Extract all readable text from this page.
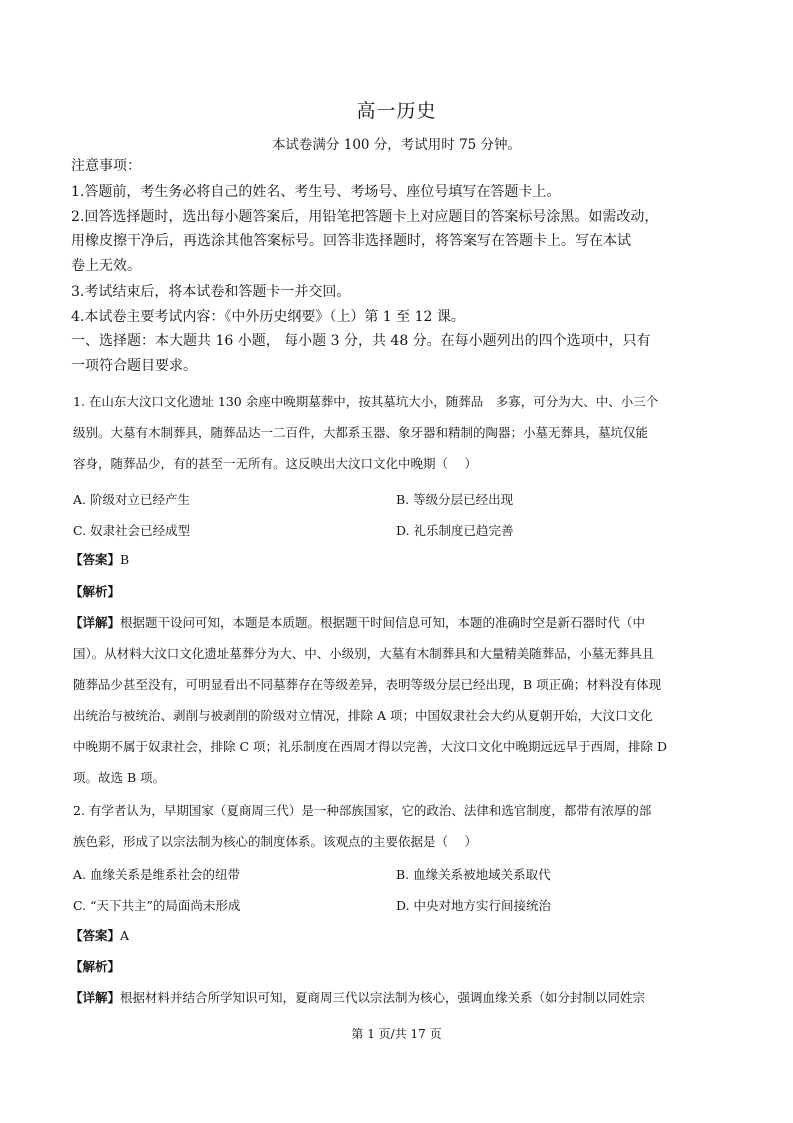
高一历史
本试卷满分 100 分，考试用时 75 分钟。
注意事项：
1.答题前，考生务必将自己的姓名、考生号、考场号、座位号填写在答题卡上。
2.回答选择题时，选出每小题答案后，用铅笔把答题卡上对应题目的答案标号涂黑。如需改动，
用橡皮擦干净后，再选涂其他答案标号。回答非选择题时，将答案写在答题卡上。写在本试
卷上无效。
3.考试结束后，将本试卷和答题卡一并交回。
4.本试卷主要考试内容：《中外历史纲要》（上）第 1 至 12 课。
一、选择题：本大题共 16 小题， 每小题 3 分，共 48 分。在每小题列出的四个选项中，只有
一项符合题目要求。
1. 在山东大汶口文化遗址 130 余座中晚期墓葬中，按其墓坑大小，随葬品　多寡，可分为大、中、小三个
级别。大墓有木制葬具，随葬品达一二百件，大都系玉器、象牙器和精制的陶器；小墓无葬具，墓坑仅能
容身，随葬品少，有的甚至一无所有。这反映出大汶口文化中晚期（　 ）
A. 阶级对立已经产生	B. 等级分层已经出现
C. 奴隶社会已经成型	D. 礼乐制度已趋完善
【答案】B
【解析】
【详解】根据题干设问可知，本题是本质题。根据题干时间信息可知，本题的准确时空是新石器时代（中
国）。从材料大汶口文化遗址墓葬分为大、中、小级别，大墓有木制葬具和大量精美随葬品，小墓无葬具且
随葬品少甚至没有，可明显看出不同墓葬存在等级差异，表明等级分层已经出现，B 项正确；材料没有体现
出统治与被统治、剥削与被剥削的阶级对立情况，排除 A 项；中国奴隶社会大约从夏朝开始，大汶口文化
中晚期不属于奴隶社会，排除 C 项；礼乐制度在西周才得以完善，大汶口文化中晚期远远早于西周，排除 D
项。故选 B 项。
2. 有学者认为，早期国家（夏商周三代）是一种部族国家，它的政治、法律和选官制度，都带有浓厚的部
族色彩，形成了以宗法制为核心的制度体系。该观点的主要依据是（　 ）
A. 血缘关系是维系社会的纽带	B. 血缘关系被地域关系取代
C. “天下共主”的局面尚未形成	D. 中央对地方实行间接统治
【答案】A
【解析】
【详解】根据材料并结合所学知识可知，夏商周三代以宗法制为核心，强调血缘关系（如分封制以同姓宗
第 1 页/共 17 页
